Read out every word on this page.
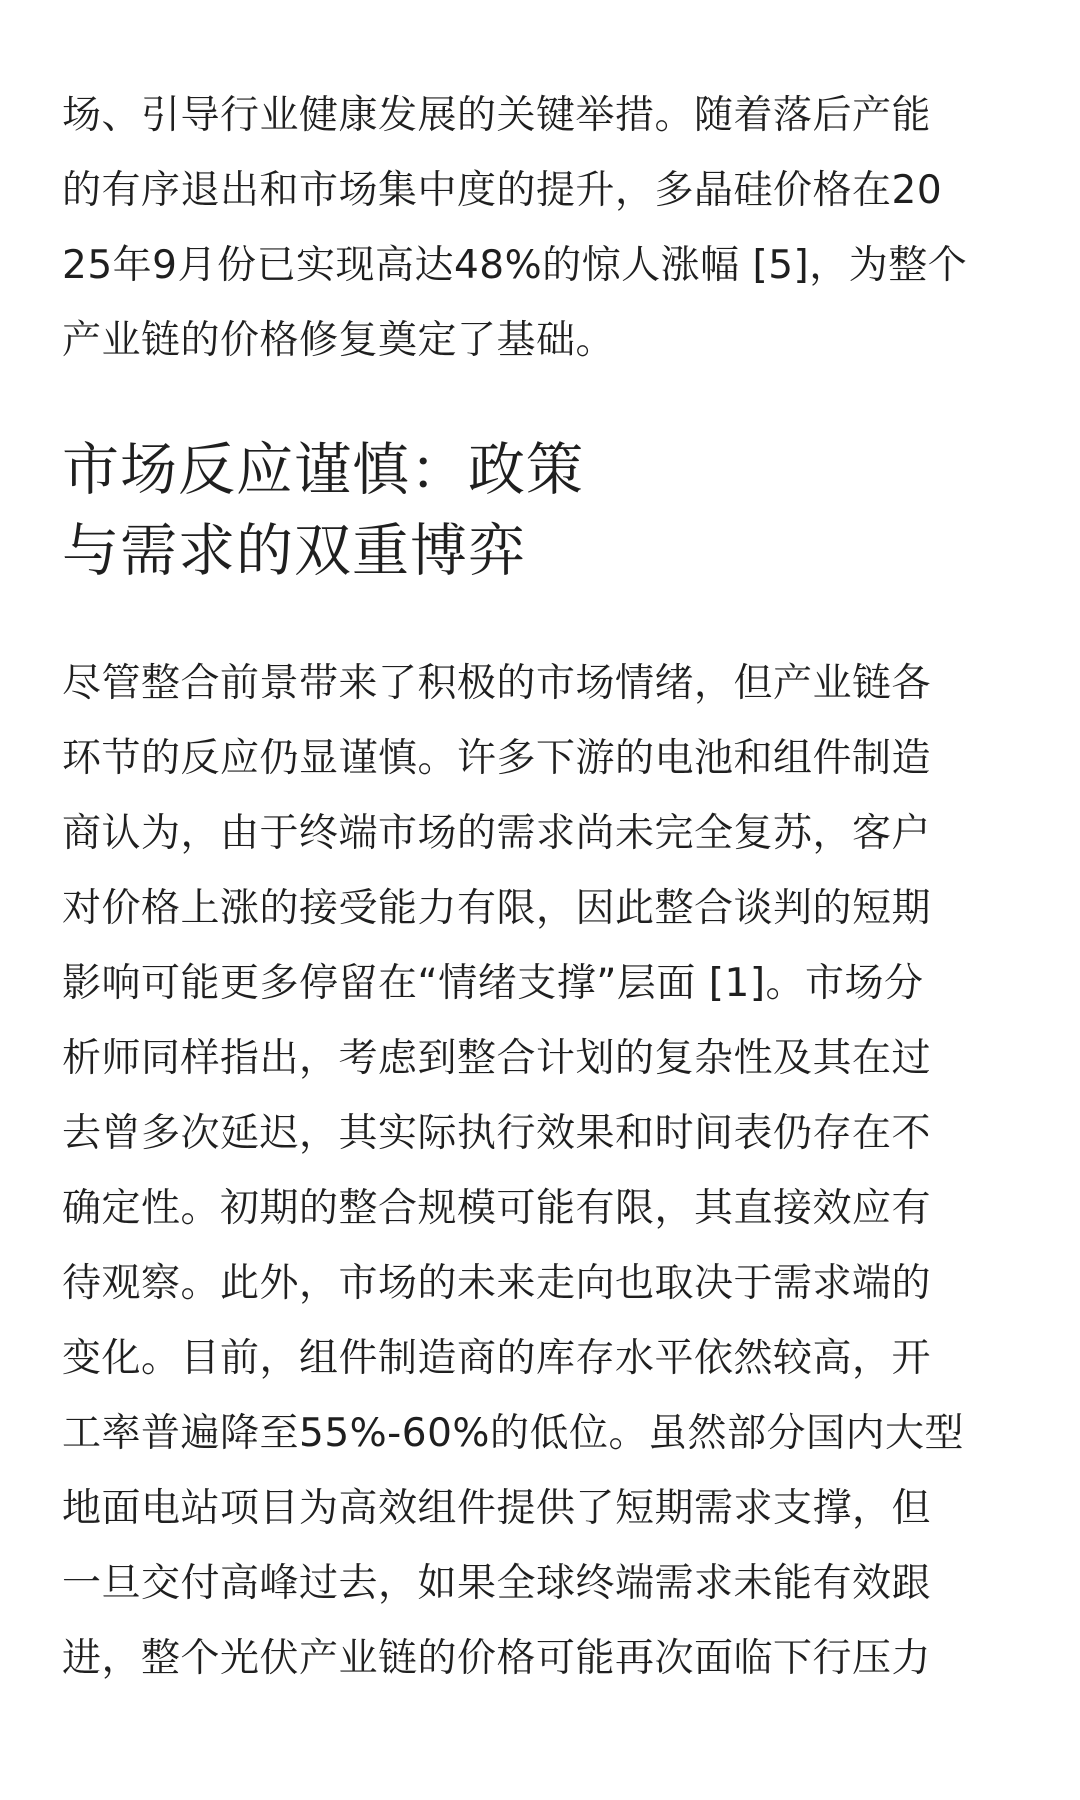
场、引导行业健康发展的关键举措。随着落后产能
的有序退出和市场集中度的提升，多晶硅价格在20
25年9月份已实现高达48%的惊人涨幅 [5]，为整个
产业链的价格修复奠定了基础。

市场反应谨慎：政策
与需求的双重博弈

尽管整合前景带来了积极的市场情绪，但产业链各
环节的反应仍显谨慎。许多下游的电池和组件制造
商认为，由于终端市场的需求尚未完全复苏，客户
对价格上涨的接受能力有限，因此整合谈判的短期
影响可能更多停留在“情绪支撑”层面 [1]。市场分
析师同样指出，考虑到整合计划的复杂性及其在过
去曾多次延迟，其实际执行效果和时间表仍存在不
确定性。初期的整合规模可能有限，其直接效应有
待观察。此外，市场的未来走向也取决于需求端的
变化。目前，组件制造商的库存水平依然较高，开
工率普遍降至55%-60%的低位。虽然部分国内大型
地面电站项目为高效组件提供了短期需求支撑，但
一旦交付高峰过去，如果全球终端需求未能有效跟
进，整个光伏产业链的价格可能再次面临下行压力
